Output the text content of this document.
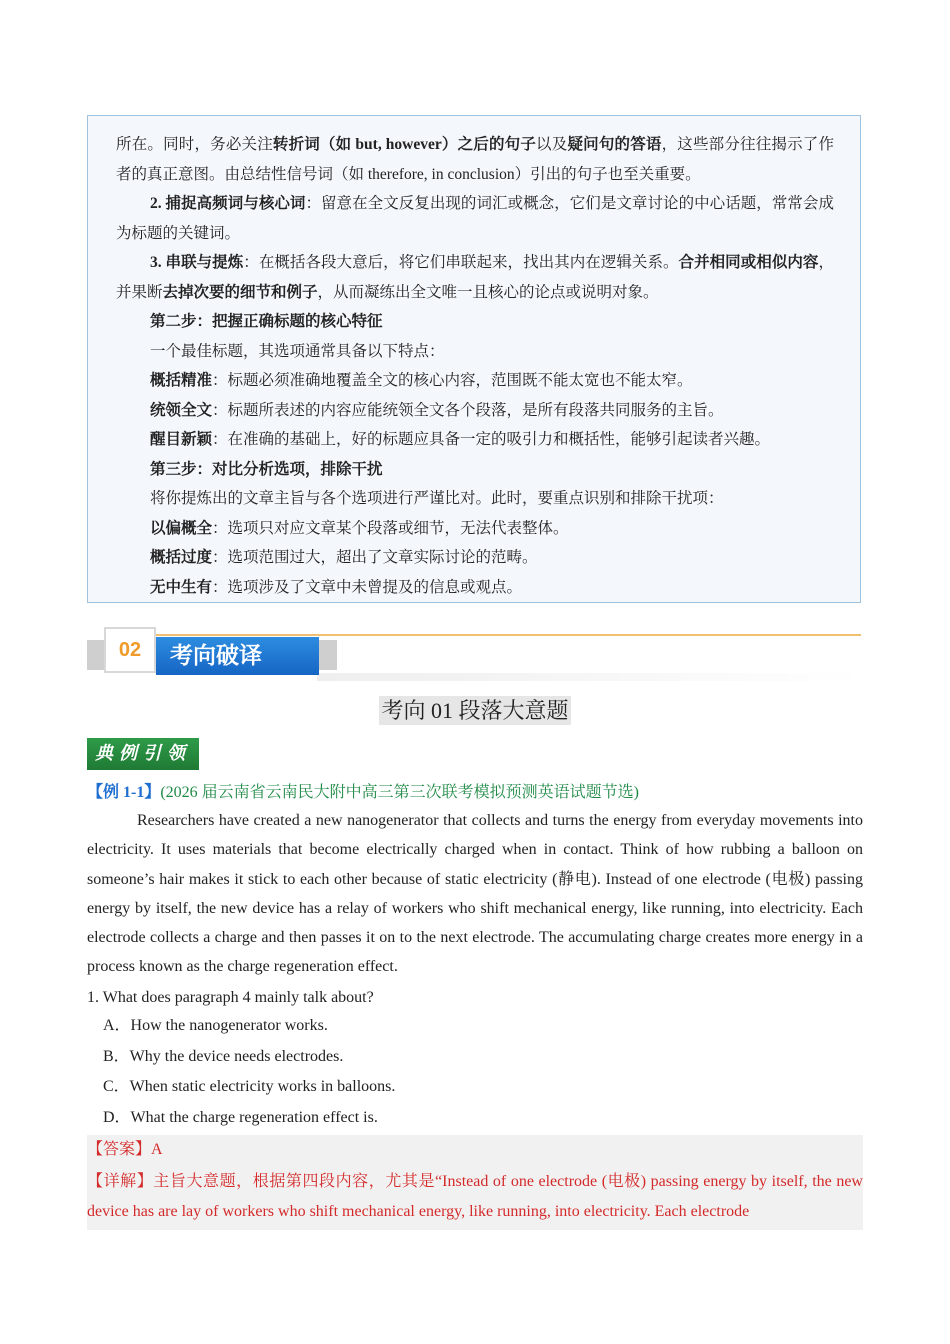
所在。同时，务必关注转折词（如 but, however）之后的句子以及疑问句的答语，这些部分往往揭示了作者的真正意图。由总结性信号词（如 therefore, in conclusion）引出的句子也至关重要。

2. 捕捉高频词与核心词：留意在全文反复出现的词汇或概念，它们是文章讨论的中心话题，常常会成为标题的关键词。

3. 串联与提炼：在概括各段大意后，将它们串联起来，找出其内在逻辑关系。合并相同或相似内容，并果断去掉次要的细节和例子，从而凝练出全文唯一且核心的论点或说明对象。

第二步：把握正确标题的核心特征

一个最佳标题，其选项通常具备以下特点：

概括精准：标题必须准确地覆盖全文的核心内容，范围既不能太宽也不能太窄。

统领全文：标题所表述的内容应能统领全文各个段落，是所有段落共同服务的主旨。

醒目新颖：在准确的基础上，好的标题应具备一定的吸引力和概括性，能够引起读者兴趣。

第三步：对比分析选项，排除干扰

将你提炼出的文章主旨与各个选项进行严谨比对。此时，要重点识别和排除干扰项：

以偏概全：选项只对应文章某个段落或细节，无法代表整体。

概括过度：选项范围过大，超出了文章实际讨论的范畴。

无中生有：选项涉及了文章中未曾提及的信息或观点。

02	考向破译
考向 01 段落大意题
典例引领
【例 1-1】(2026 届云南省云南民大附中高三第三次联考模拟预测英语试题节选)

Researchers have created a new nanogenerator that collects and turns the energy from everyday movements into electricity. It uses materials that become electrically charged when in contact. Think of how rubbing a balloon on someone’s hair makes it stick to each other because of static electricity (静电). Instead of one electrode (电极) passing energy by itself, the new device has a relay of workers who shift mechanical energy, like running, into electricity. Each electrode collects a charge and then passes it on to the next electrode. The accumulating charge creates more energy in a process known as the charge regeneration effect.

1. What does paragraph 4 mainly talk about?
A．How the nanogenerator works.
B．Why the device needs electrodes.
C．When static electricity works in balloons.
D．What the charge regeneration effect is.
【答案】A

【详解】主旨大意题，根据第四段内容，尤其是“Instead of one electrode (电极) passing energy by itself, the new device has are lay of workers who shift mechanical energy, like running, into electricity. Each electrode
